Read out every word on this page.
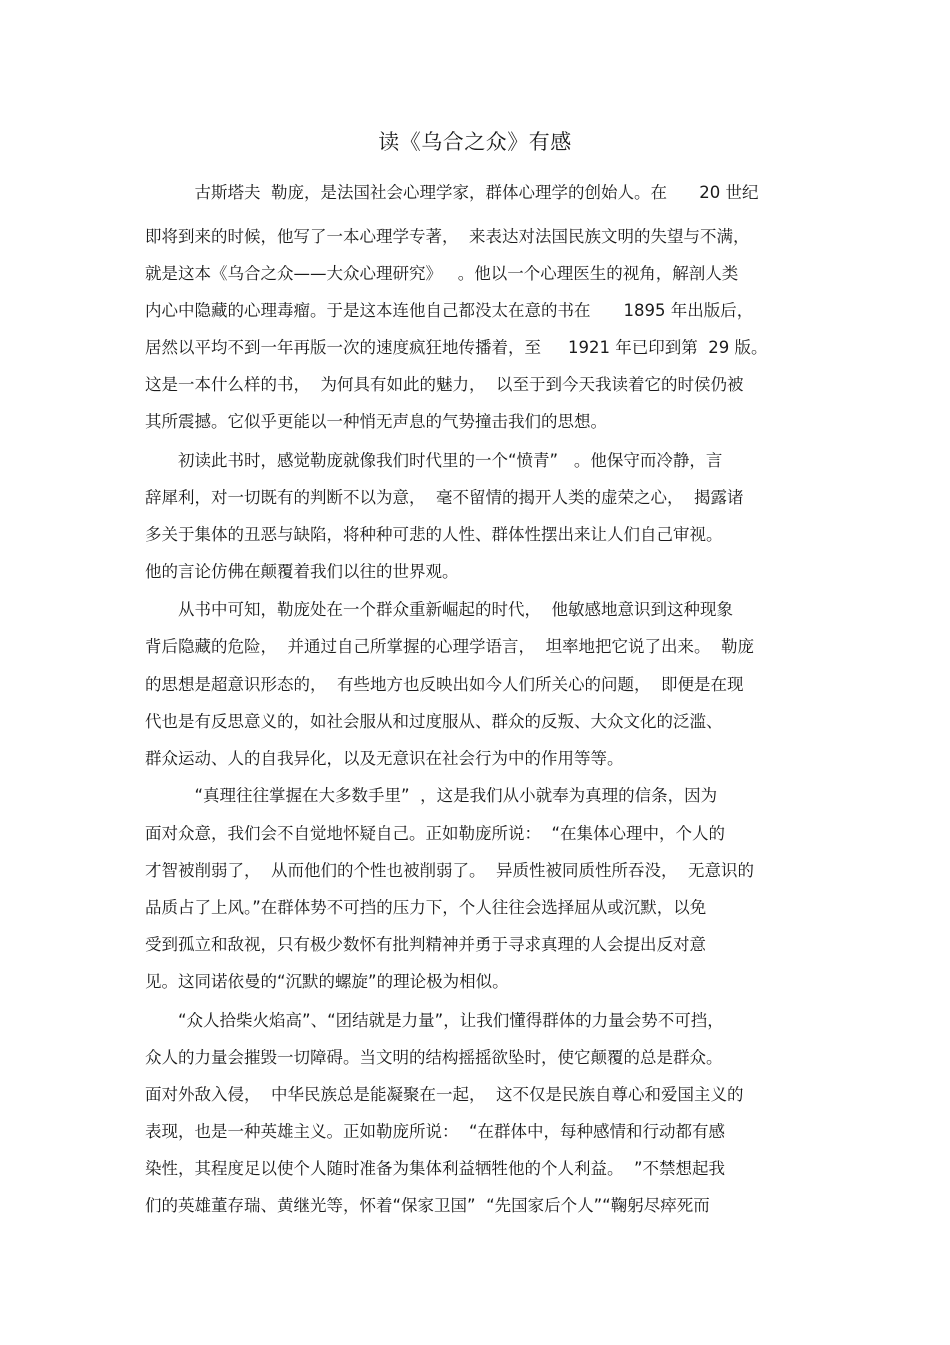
读《乌合之众》有感
　　　古斯塔夫  勒庞，是法国社会心理学家，群体心理学的创始人。在　   20 世纪
即将到来的时候，他写了一本心理学专著，  来表达对法国民族文明的失望与不满，
就是这本《乌合之众——大众心理研究》   。他以一个心理医生的视角，解剖人类
内心中隐藏的心理毒瘤。于是这本连他自己都没太在意的书在　　1895 年出版后，
居然以平均不到一年再版一次的速度疯狂地传播着，至　  1921 年已印到第  29 版。
这是一本什么样的书，  为何具有如此的魅力，  以至于到今天我读着它的时侯仍被
其所震撼。它似乎更能以一种悄无声息的气势撞击我们的思想。
　　初读此书时，感觉勒庞就像我们时代里的一个“愤青”   。他保守而冷静，言
辞犀利，对一切既有的判断不以为意，  毫不留情的揭开人类的虚荣之心，  揭露诸
多关于集体的丑恶与缺陷，将种种可悲的人性、群体性摆出来让人们自己审视。
他的言论仿佛在颠覆着我们以往的世界观。
　　从书中可知，勒庞处在一个群众重新崛起的时代，  他敏感地意识到这种现象
背后隐藏的危险，  并通过自己所掌握的心理学语言，  坦率地把它说了出来。  勒庞
的思想是超意识形态的，  有些地方也反映出如今人们所关心的问题，  即便是在现
代也是有反思意义的，如社会服从和过度服从、群众的反叛、大众文化的泛滥、
群众运动、人的自我异化，以及无意识在社会行为中的作用等等。
　　　“真理往往掌握在大多数手里”  ，这是我们从小就奉为真理的信条，因为
面对众意，我们会不自觉地怀疑自己。正如勒庞所说：  “在集体心理中，个人的
才智被削弱了，  从而他们的个性也被削弱了。  异质性被同质性所吞没，  无意识的
品质占了上风。”在群体势不可挡的压力下，个人往往会选择屈从或沉默，以免
受到孤立和敌视，只有极少数怀有批判精神并勇于寻求真理的人会提出反对意
见。这同诺依曼的“沉默的螺旋”的理论极为相似。
　　“众人拾柴火焰高”、“团结就是力量”，让我们懂得群体的力量会势不可挡，
众人的力量会摧毁一切障碍。当文明的结构摇摇欲坠时，使它颠覆的总是群众。
面对外敌入侵，  中华民族总是能凝聚在一起，  这不仅是民族自尊心和爱国主义的
表现，也是一种英雄主义。正如勒庞所说：  “在群体中，每种感情和行动都有感
染性，其程度足以使个人随时准备为集体利益牺牲他的个人利益。  ”不禁想起我
们的英雄董存瑞、黄继光等，怀着“保家卫国”  “先国家后个人”“鞠躬尽瘁死而
